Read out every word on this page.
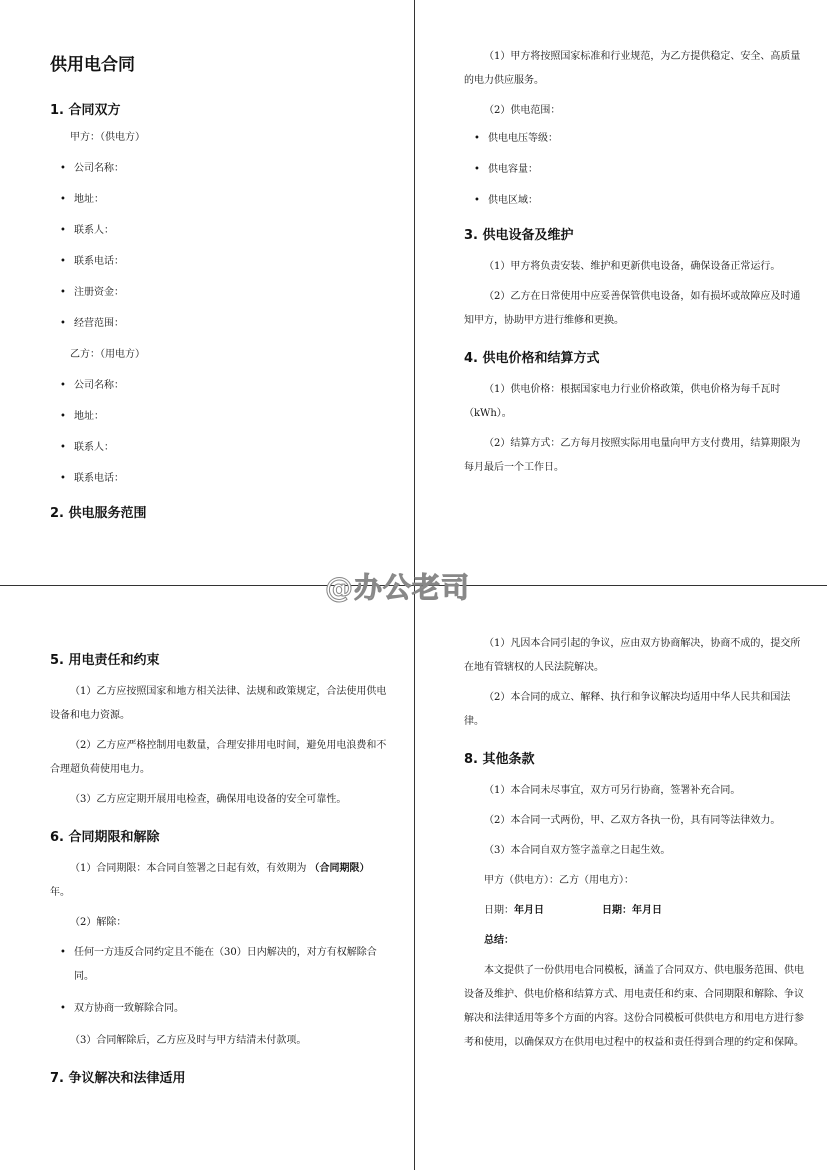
供用电合同
1. 合同双方
甲方：（供电方）
• 公司名称：
• 地址：
• 联系人：
• 联系电话：
• 注册资金：
• 经营范围：
乙方：（用电方）
• 公司名称：
• 地址：
• 联系人：
• 联系电话：
2. 供电服务范围
（1）甲方将按照国家标准和行业规范，为乙方提供稳定、安全、高质量的电力供应服务。
（2）供电范围：
• 供电电压等级：
• 供电容量：
• 供电区域：
3. 供电设备及维护
（1）甲方将负责安装、维护和更新供电设备，确保设备正常运行。
（2）乙方在日常使用中应妥善保管供电设备，如有损坏或故障应及时通知甲方，协助甲方进行维修和更换。
4. 供电价格和结算方式
（1）供电价格：根据国家电力行业价格政策，供电价格为每千瓦时（kWh）。
（2）结算方式：乙方每月按照实际用电量向甲方支付费用，结算期限为每月最后一个工作日。
@办公老司
5. 用电责任和约束
（1）乙方应按照国家和地方相关法律、法规和政策规定，合法使用供电设备和电力资源。
（2）乙方应严格控制用电数量，合理安排用电时间，避免用电浪费和不合理超负荷使用电力。
（3）乙方应定期开展用电检查，确保用电设备的安全可靠性。
6. 合同期限和解除
（1）合同期限：本合同自签署之日起有效，有效期为 （合同期限） 年。
（2）解除：
• 任何一方违反合同约定且不能在（30）日内解决的，对方有权解除合同。
• 双方协商一致解除合同。
（3）合同解除后，乙方应及时与甲方结清未付款项。
7. 争议解决和法律适用
（1）凡因本合同引起的争议，应由双方协商解决，协商不成的，提交所在地有管辖权的人民法院解决。
（2）本合同的成立、解释、执行和争议解决均适用中华人民共和国法律。
8. 其他条款
（1）本合同未尽事宜，双方可另行协商，签署补充合同。
（2）本合同一式两份，甲、乙双方各执一份，具有同等法律效力。
（3）本合同自双方签字盖章之日起生效。
甲方（供电方）：乙方（用电方）：
日期：年月日	日期：年月日
总结：
本文提供了一份供用电合同模板，涵盖了合同双方、供电服务范围、供电设备及维护、供电价格和结算方式、用电责任和约束、合同期限和解除、争议解决和法律适用等多个方面的内容。这份合同模板可供供电方和用电方进行参考和使用，以确保双方在供用电过程中的权益和责任得到合理的约定和保障。
